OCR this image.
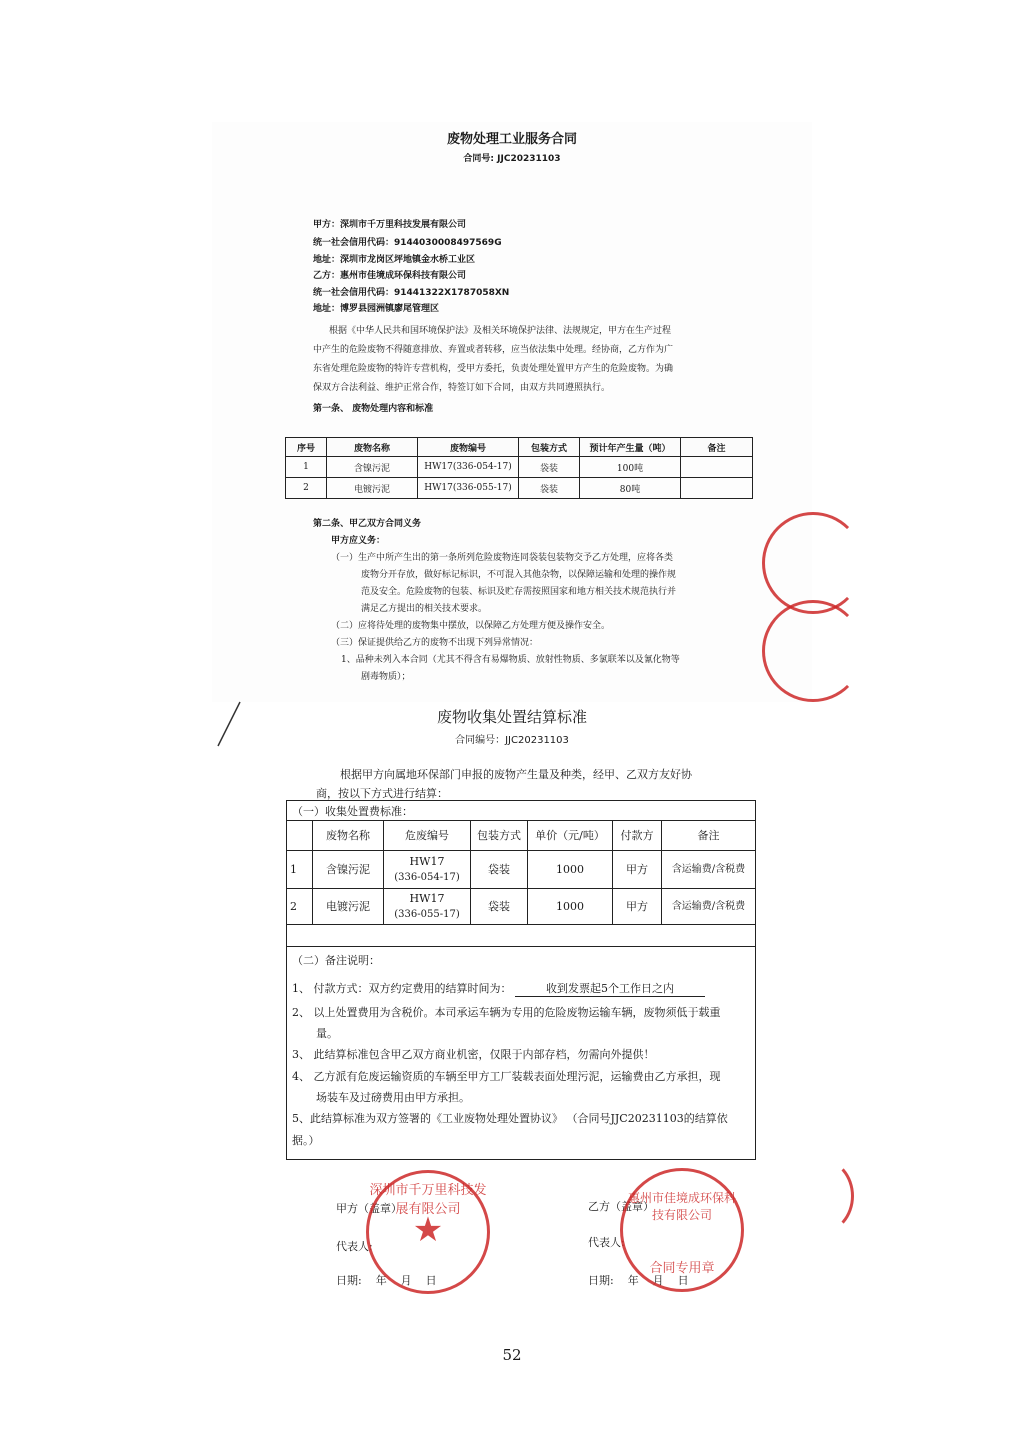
废物处理工业服务合同
合同号: JJC20231103
甲方：深圳市千万里科技发展有限公司
统一社会信用代码：91440300084975​69G
地址：深圳市龙岗区坪地镇金水桥工业区
乙方：惠州市佳境成环保科技有限公司
统一社会信用代码：91441322X1787058XN
地址：博罗县园洲镇廖尾管理区
根据《中华人民共和国环境保护法》及相关环境保护法律、法规规定，甲方在生产过程
中产生的危险废物不得随意排放、弃置或者转移，应当依法集中处理。经协商，乙方作为广
东省处理危险废物的特许专营机构，受甲方委托，负责处理处置甲方产生的危险废物。为确
保双方合法利益、维护正常合作，特签订如下合同，由双方共同遵照执行。
第一条、 废物处理内容和标准
序号	废物名称	废物编号	包装方式	预计年产生量（吨）	备注
1	含镍污泥	HW17(336-054-17)	袋装	100吨	
2	电镀污泥	HW17(336-055-17)	袋装	80吨	
第二条、甲乙双方合同义务
甲方应义务：
（一）生产中所产生出的第一条所列危险废物连同袋装包装物交予乙方处理，应将各类
废物分开存放，做好标记标识，不可混入其他杂物，以保障运输和处理的操作规
范及安全。危险废物的包装、标识及贮存需按照国家和地方相关技术规范执行并
满足乙方提出的相关技术要求。
（二）应将待处理的废物集中摆放，以保障乙方处理方便及操作安全。
（三）保证提供给乙方的废物不出现下列异常情况：
1、品种未列入本合同（尤其不得含有易爆物质、放射性物质、多氯联苯以及氰化物等
剧毒物质）；
废物收集处置结算标准
合同编号：JJC20231103
根据甲方向属地环保部门申报的废物产生量及种类，经甲、乙双方友好协
商，按以下方式进行结算：
（一）收集处置费标准：
	废物名称	危废编号	包装方式	单价（元/吨）	付款方	备注
1	含镍污泥	HW17
(336-054-17)	袋装	1000	甲方	含运输费/含税费
2	电镀污泥	HW17
(336-055-17)	袋装	1000	甲方	含运输费/含税费
（二）备注说明：
1、 付款方式：双方约定费用的结算时间为：	收到发票起5个工作日之内
2、 以上处置费用为含税价。本司承运车辆为专用的危险废物运输车辆，废物须低于载重
量。
3、 此结算标准包含甲乙双方商业机密，仅限于内部存档，勿需向外提供！
4、 乙方派有危废运输资质的车辆至甲方工厂装载表面处理污泥，运输费由乙方承担，现
场装车及过磅费用由甲方承担。
5、此结算标准为双方签署的《工业废物处理处置协议》 （合同号JJC20231103的结算依
据。）
甲方（盖章）
代表人:
日期:    年    月    日
乙方（盖章）
代表人:
日期:    年    月    日
深圳市千万里科技发展有限公司
★
惠州市佳境成环保科技有限公司
合同专用章
52
